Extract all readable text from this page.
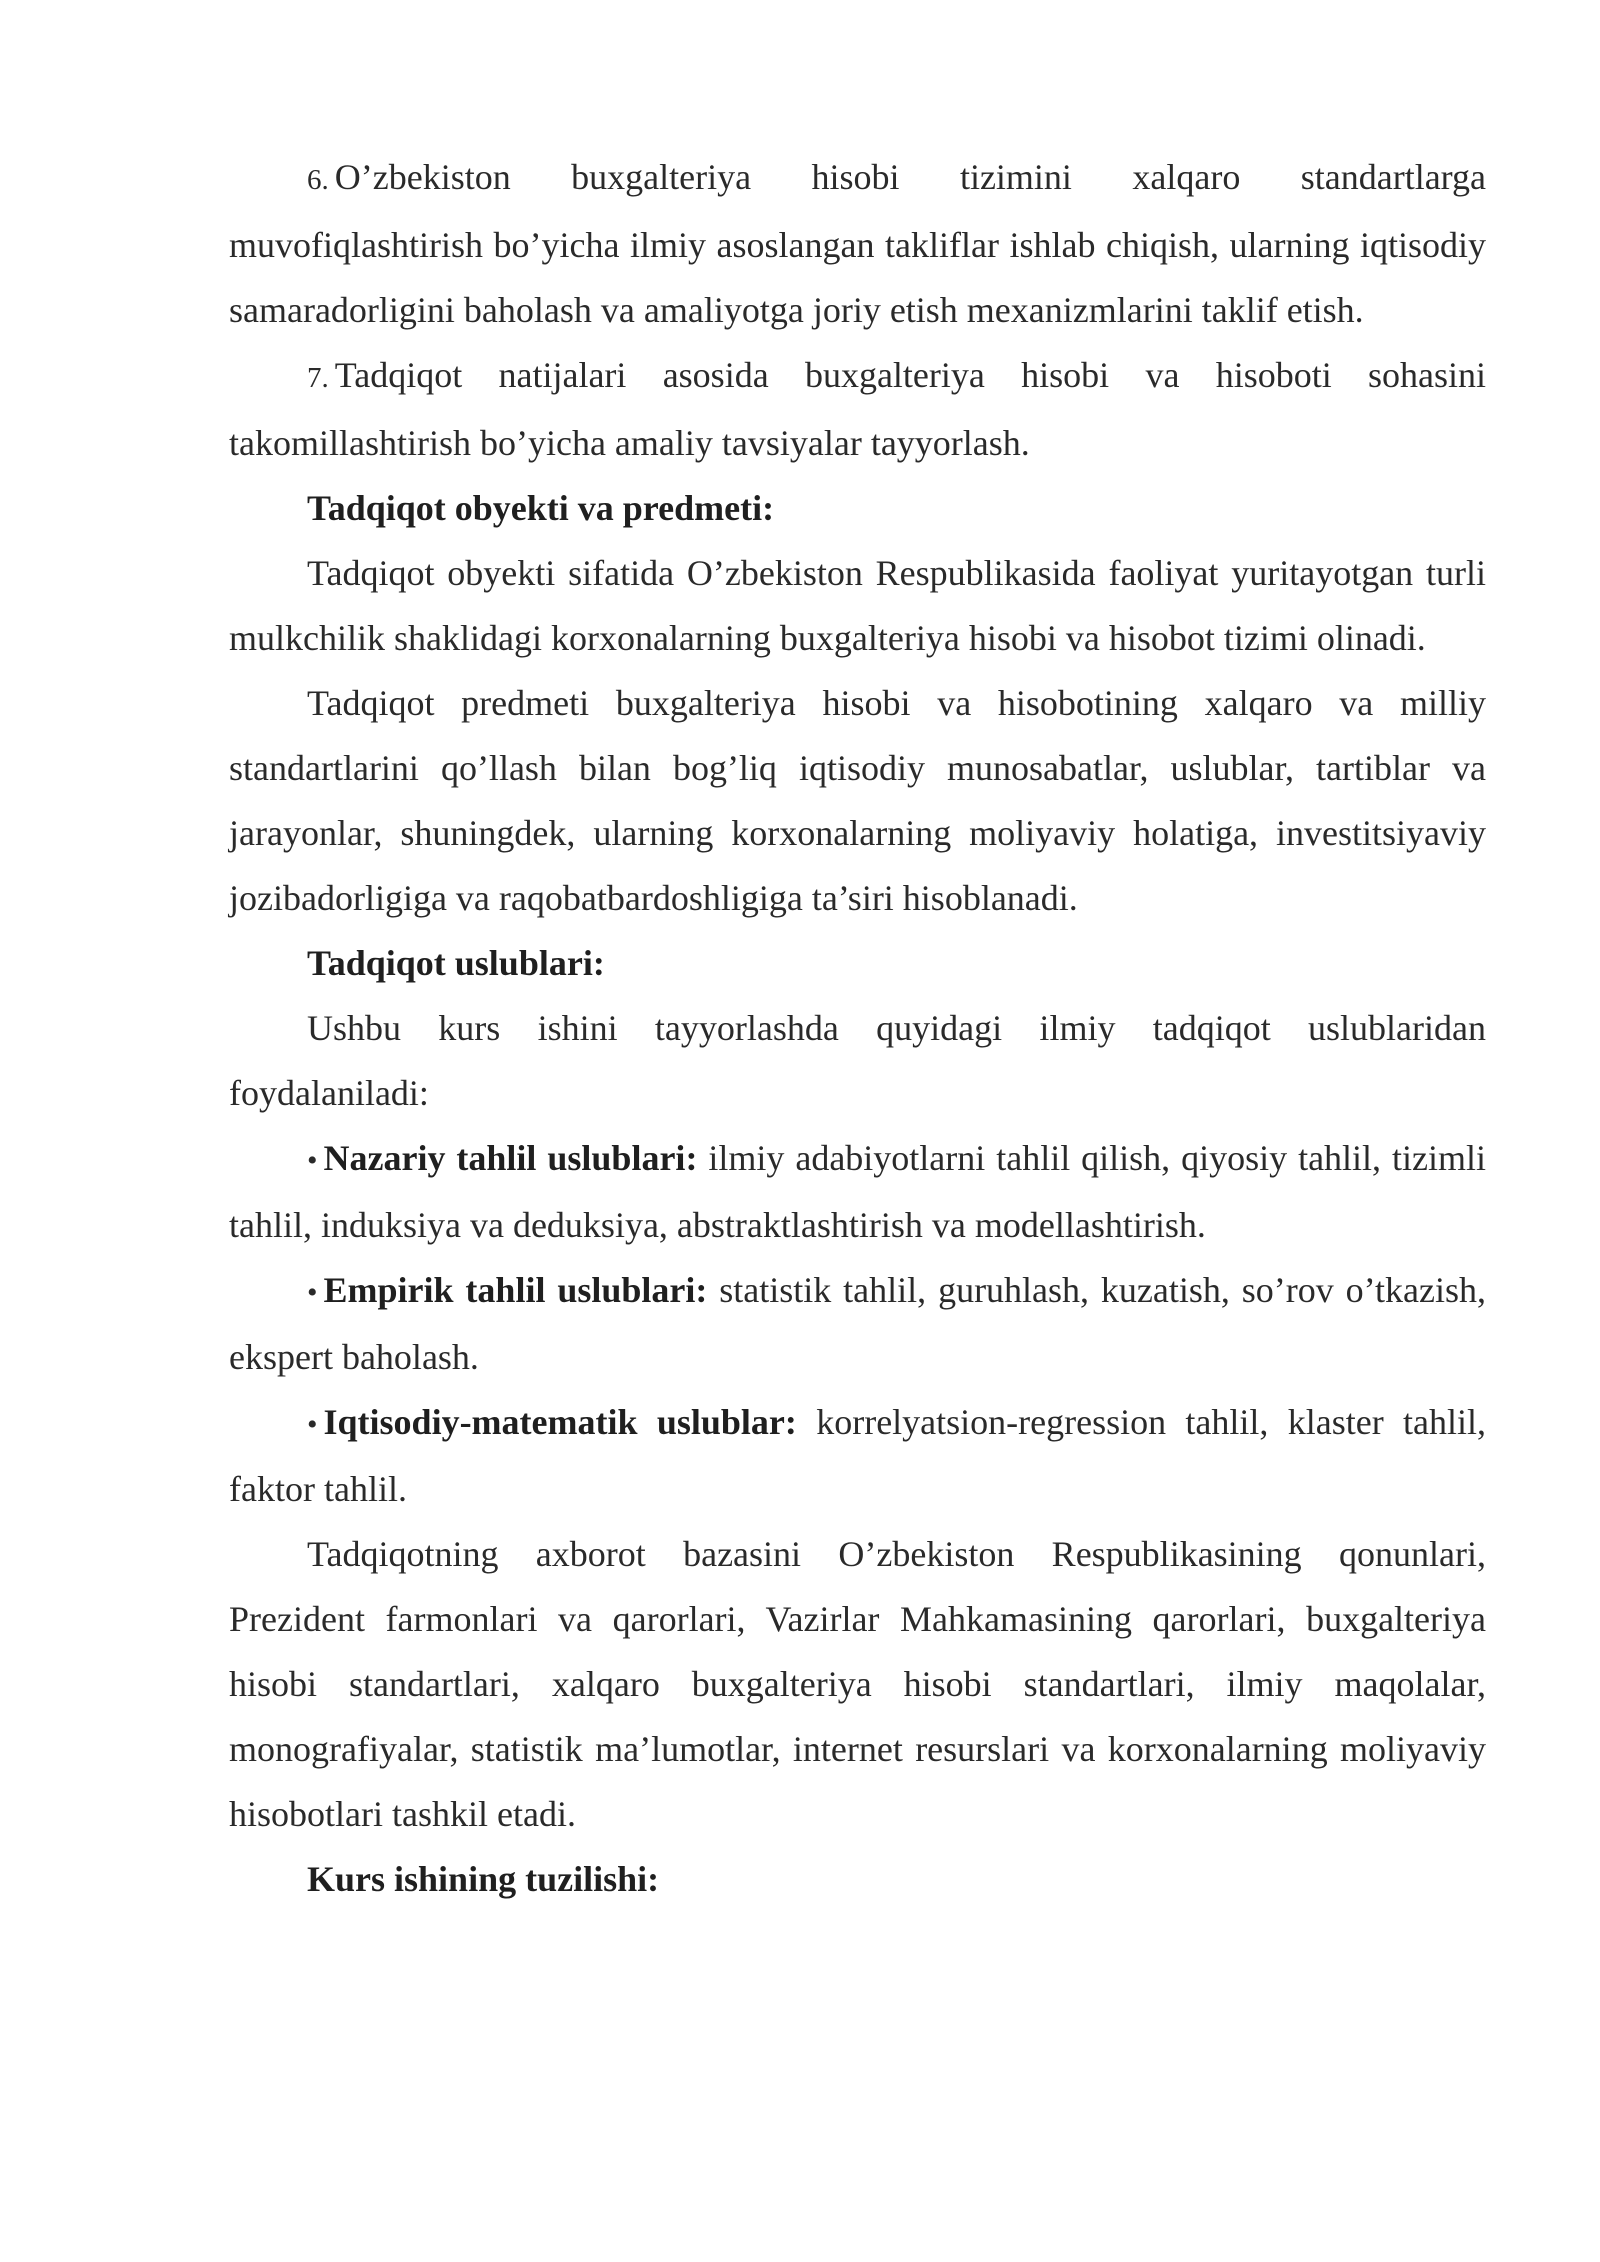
6. O’zbekiston buxgalteriya hisobi tizimini xalqaro standartlarga muvofiqlashtirish bo’yicha ilmiy asoslangan takliflar ishlab chiqish, ularning iqtisodiy samaradorligini baholash va amaliyotga joriy etish mexanizmlarini taklif etish.

7. Tadqiqot natijalari asosida buxgalteriya hisobi va hisoboti sohasini takomillashtirish bo’yicha amaliy tavsiyalar tayyorlash.

Tadqiqot obyekti va predmeti:

Tadqiqot obyekti sifatida O’zbekiston Respublikasida faoliyat yuritayotgan turli mulkchilik shaklidagi korxonalarning buxgalteriya hisobi va hisobot tizimi olinadi.

Tadqiqot predmeti buxgalteriya hisobi va hisobotining xalqaro va milliy standartlarini qo’llash bilan bog’liq iqtisodiy munosabatlar, uslublar, tartiblar va jarayonlar, shuningdek, ularning korxonalarning moliyaviy holatiga, investitsiyaviy jozibadorligiga va raqobatbardoshligiga ta’siri hisoblanadi.

Tadqiqot uslublari:

Ushbu kurs ishini tayyorlashda quyidagi ilmiy tadqiqot uslublaridan foydalaniladi:

• Nazariy tahlil uslublari: ilmiy adabiyotlarni tahlil qilish, qiyosiy tahlil, tizimli tahlil, induksiya va deduksiya, abstraktlashtirish va modellashtirish.

• Empirik tahlil uslublari: statistik tahlil, guruhlash, kuzatish, so’rov o’tkazish, ekspert baholash.

• Iqtisodiy-matematik uslublar: korrelyatsion-regression tahlil, klaster tahlil, faktor tahlil.

Tadqiqotning axborot bazasini O’zbekiston Respublikasining qonunlari, Prezident farmonlari va qarorlari, Vazirlar Mahkamasining qarorlari, buxgalteriya hisobi standartlari, xalqaro buxgalteriya hisobi standartlari, ilmiy maqolalar, monografiyalar, statistik ma’lumotlar, internet resurslari va korxonalarning moliyaviy hisobotlari tashkil etadi.

Kurs ishining tuzilishi:
